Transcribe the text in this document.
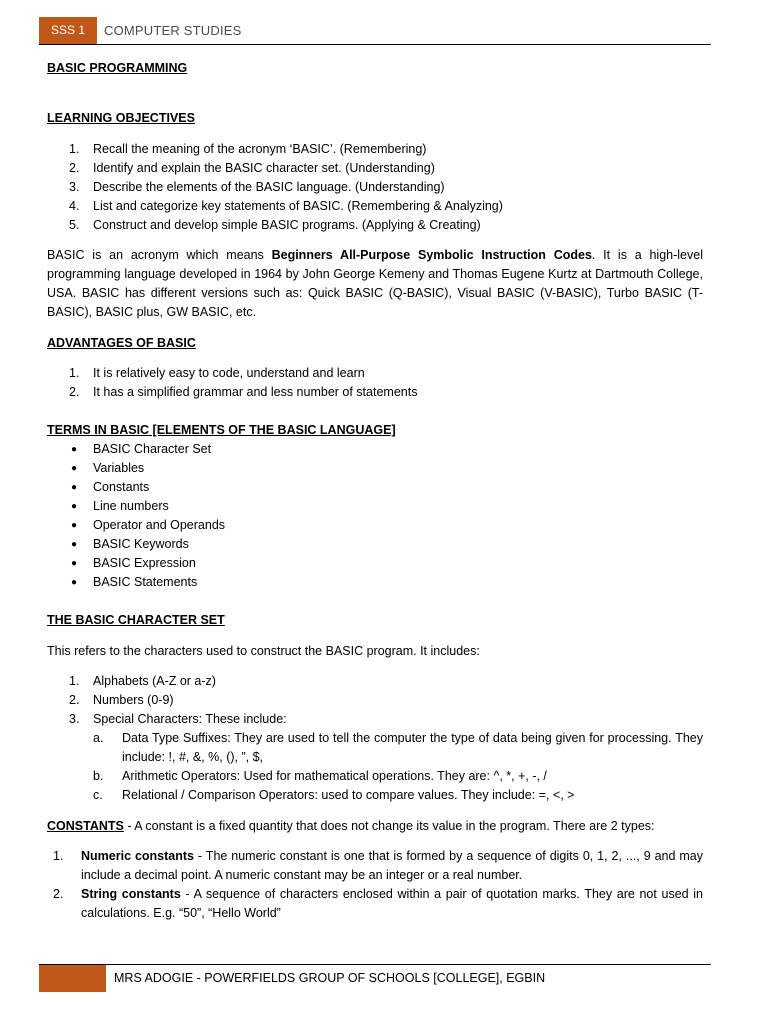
SSS 1	COMPUTER STUDIES

BASIC PROGRAMMING

LEARNING OBJECTIVES

1. Recall the meaning of the acronym ‘BASIC’. (Remembering)
2. Identify and explain the BASIC character set. (Understanding)
3. Describe the elements of the BASIC language. (Understanding)
4. List and categorize key statements of BASIC. (Remembering & Analyzing)
5. Construct and develop simple BASIC programs. (Applying & Creating)

BASIC is an acronym which means Beginners All-Purpose Symbolic Instruction Codes. It is a high-level programming language developed in 1964 by John George Kemeny and Thomas Eugene Kurtz at Dartmouth College, USA. BASIC has different versions such as: Quick BASIC (Q-BASIC), Visual BASIC (V-BASIC), Turbo BASIC (T-BASIC), BASIC plus, GW BASIC, etc.

ADVANTAGES OF BASIC

1. It is relatively easy to code, understand and learn
2. It has a simplified grammar and less number of statements

TERMS IN BASIC [ELEMENTS OF THE BASIC LANGUAGE]

● BASIC Character Set
● Variables
● Constants
● Line numbers
● Operator and Operands
● BASIC Keywords
● BASIC Expression
● BASIC Statements

THE BASIC CHARACTER SET

This refers to the characters used to construct the BASIC program. It includes:

1. Alphabets (A-Z or a-z)
2. Numbers (0-9)
3. Special Characters: These include:
a. Data Type Suffixes: They are used to tell the computer the type of data being given for processing. They include: !, #, &, %, (), ”, $,
b. Arithmetic Operators: Used for mathematical operations. They are: ^, *, +, -, /
c. Relational / Comparison Operators: used to compare values. They include: =, <, >

CONSTANTS - A constant is a fixed quantity that does not change its value in the program. There are 2 types:

1. Numeric constants - The numeric constant is one that is formed by a sequence of digits 0, 1, 2, ..., 9 and may include a decimal point. A numeric constant may be an integer or a real number.
2. String constants - A sequence of characters enclosed within a pair of quotation marks. They are not used in calculations. E.g. “50”, “Hello World”
MRS ADOGIE - POWERFIELDS GROUP OF SCHOOLS [COLLEGE], EGBIN
